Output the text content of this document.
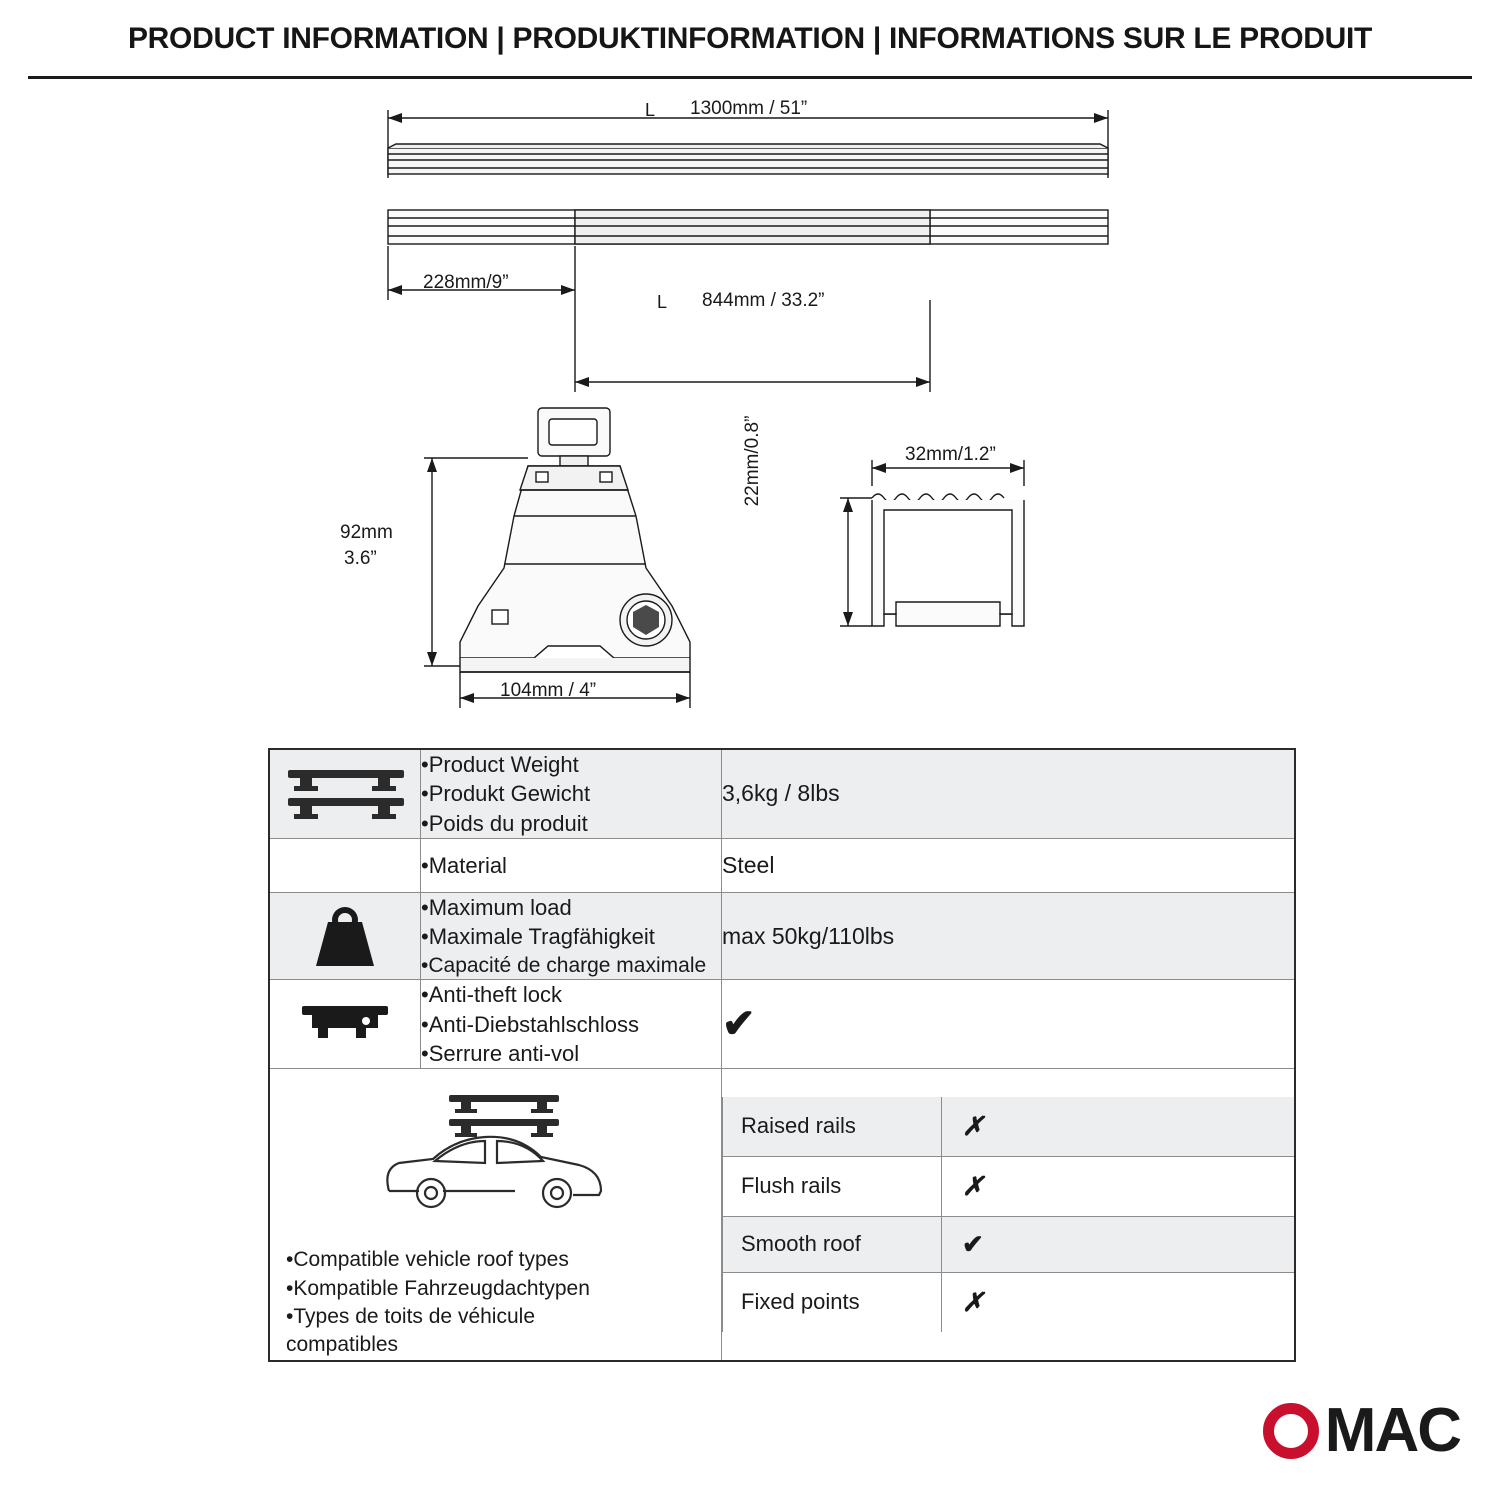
PRODUCT INFORMATION | PRODUKTINFORMATION | INFORMATIONS SUR LE PRODUIT
L 1300mm / 51”
228mm/9”
L 844mm / 33.2”
92mm
3.6”
104mm / 4”
32mm/1.2”
22mm/0.8”

•Product Weight
•Produkt Gewicht
•Poids du produit
	3,6kg / 8lbs

•Material	Steel

•Maximum load
•Maximale Tragfähigkeit
•Capacité de charge maximale
	max 50kg/110lbs

•Anti-theft lock
•Anti-Diebstahlschloss
•Serrure anti-vol
	✔

•Compatible vehicle roof types
•Kompatible Fahrzeugdachtypen
•Types de toits de véhicule
compatibles

Raised rails	✗
Flush rails	✗
Smooth roof	✔
Fixed points	✗
MAC
